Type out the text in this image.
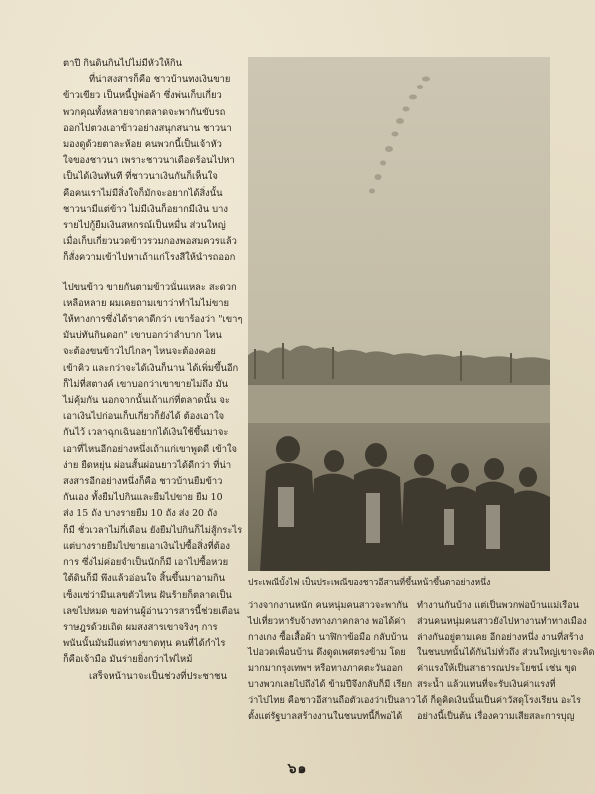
ตาปี กินดินกินไปไม่มีหัวให้กิน
ที่น่าสงสารก็คือ ชาวบ้านทงเงินขาย
ข้าวเขียว เป็นหนี้ปู่พ่อค้า ซึ่งพ่นเก็บเกี่ยว
พวกคุณทั้งหลายจากตลาดจะพากันขับรถ
ออกไปตวงเอาข้าวอย่างสนุกสนาน ชาวนา
มองดูด้วยตาละห้อย คนพวกนี้เป็นเจ้าหัว
ใจของชาวนา เพราะชาวนาเดือดร้อนไปหา
เป็นได้เงินทันที ที่ชาวนาเงินกันก็เห็นใจ
คือคนเราไม่มีสิ่งใจก็มักจะอยากได้สิ่งนั้น
ชาวนามีแต่ข้าว ไม่มีเงินก็อยากมีเงิน บาง
รายไปกู้ยืมเงินสหกรณ์เป็นหมื่น ส่วนใหญ่
เมื่อเก็บเกี่ยวนวดข้าวรวมกองพอสมควรแล้ว
ก็สั่งความเข้าไปหาเถ้าแก่โรงสีให้นำรถออก
ไปขนข้าว ขายกันตามข้าวนั่นแหละ สะดวก
เหลือหลาย ผมเคยถามเขาว่าทำไมไม่ขาย
ให้ทางการซึ่งได้ราคาดีกว่า เขาร้องว่า "เขาๆ
มันบ่ทันกินดอก" เขาบอกว่าลำบาก ไหน
จะต้องขนข้าวไปไกลๆ ไหนจะต้องคอย
เข้าคิว และกว่าจะได้เงินก็นาน ได้เพิ่มขึ้นอีก
ก็ไม่ที่สตางค์ เขาบอกว่าเขาขายไม่ถึง มัน
ไม่คุ้มกัน นอกจากนั้นเถ้าแก่ที่ตลาดนั้น จะ
เอาเงินไปก่อนเก็บเกี่ยวก็ยังได้ ต้องเอาใจ
กันไว้ เวลาฉุกเฉินอยากได้เงินใช้ขึ้นมาจะ
เอาที่ไหนอีกอย่างหนึ่งเถ้าแก่เขาพูดดี เข้าใจ
ง่าย ยืดหยุ่น ผ่อนสั้นผ่อนยาวได้ดีกว่า ที่น่า
สงสารอีกอย่างหนึ่งก็คือ ชาวบ้านยืมข้าว
กันเอง ทั้งยืมไปกินและยืมไปขาย ยืม 10
ส่ง 15 ถัง บางรายยืม 10 ถัง ส่ง 20 ถัง
ก็มี ชั่วเวลาไม่กี่เดือน ยังยืมไปกินก็ไม่สู้กระไร
แต่บางรายยืมไปขายเอาเงินไปซื้อสิ่งที่ต้อง
การ ซึ่งไม่ค่อยจำเป็นนักก็มี เอาไปซื้อหวย
ใต้ดินก็มี พึงแล้วอ่อนใจ สิ้นขึ้นมาอามกิน
เซ็งแซ่ว่ามีนเลขตัวไหน ฝันร้ายก็ตลาดเป็น
เลขไปหมด ขอท่านผู้อ่านวารสารนี้ช่วยเตือน
ราษฎรด้วยเถิด ผมสงสารเขาจริงๆ การ
พนันนั้นมันมีแต่ทางขาดทุน คนที่ได้กำไร
ก็คือเจ้ามือ มันร่ายยิ่งกว่าไฟไหม้
เสร็จหน้านาจะเป็นช่วงที่ประชาชน
ประเพณีบั้งไฟ เป็นประเพณีของชาวอีสานที่ขึ้นหน้าขึ้นตาอย่างหนึ่ง
ว่างจากงานหนัก คนหนุ่มคนสาวจะพากัน
ไปเที่ยวหารับจ้างทางภาคกลาง พอได้ค่า
กางเกง ซื้อเสื้อผ้า นาฬิกาข้อมือ กลับบ้าน
ไปอวดเพื่อนบ้าน ดึงดูดเพศตรงข้าม โดย
มากมากรุงเทพฯ หรือทางภาคตะวันออก
บางพวกเลยไปถึงได้ ข้ามปีจึงกลับก็มี เรียก
ว่าไปไทย คือชาวอีสานถือตัวเองว่าเป็นลาว
ตั้งแต่รัฐบาลสร้างงานในชนบทนี้ก็พอได้
ทำงานกันบ้าง แต่เป็นพวกพ่อบ้านแม่เรือน
ส่วนคนหนุ่มคนสาวยังไปหางานทำทางเมือง
ล่างกันอยู่ตามเคย อีกอย่างหนึ่ง งานที่สร้าง
ในชนบทนั้นได้กันไม่ทั่วถึง ส่วนใหญ่เขาจะคิด
ค่าแรงให้เป็นสาธารณประโยชน์ เช่น ขุด
สระน้ำ แล้วแทนที่จะรับเงินค่าแรงที่
ได้ ก็ดูคิดเงินนั้นเป็นค่าวัสดุโรงเรียน อะไร
อย่างนี้เป็นต้น เรื่องความเสียสละการบุญ
๖๑
